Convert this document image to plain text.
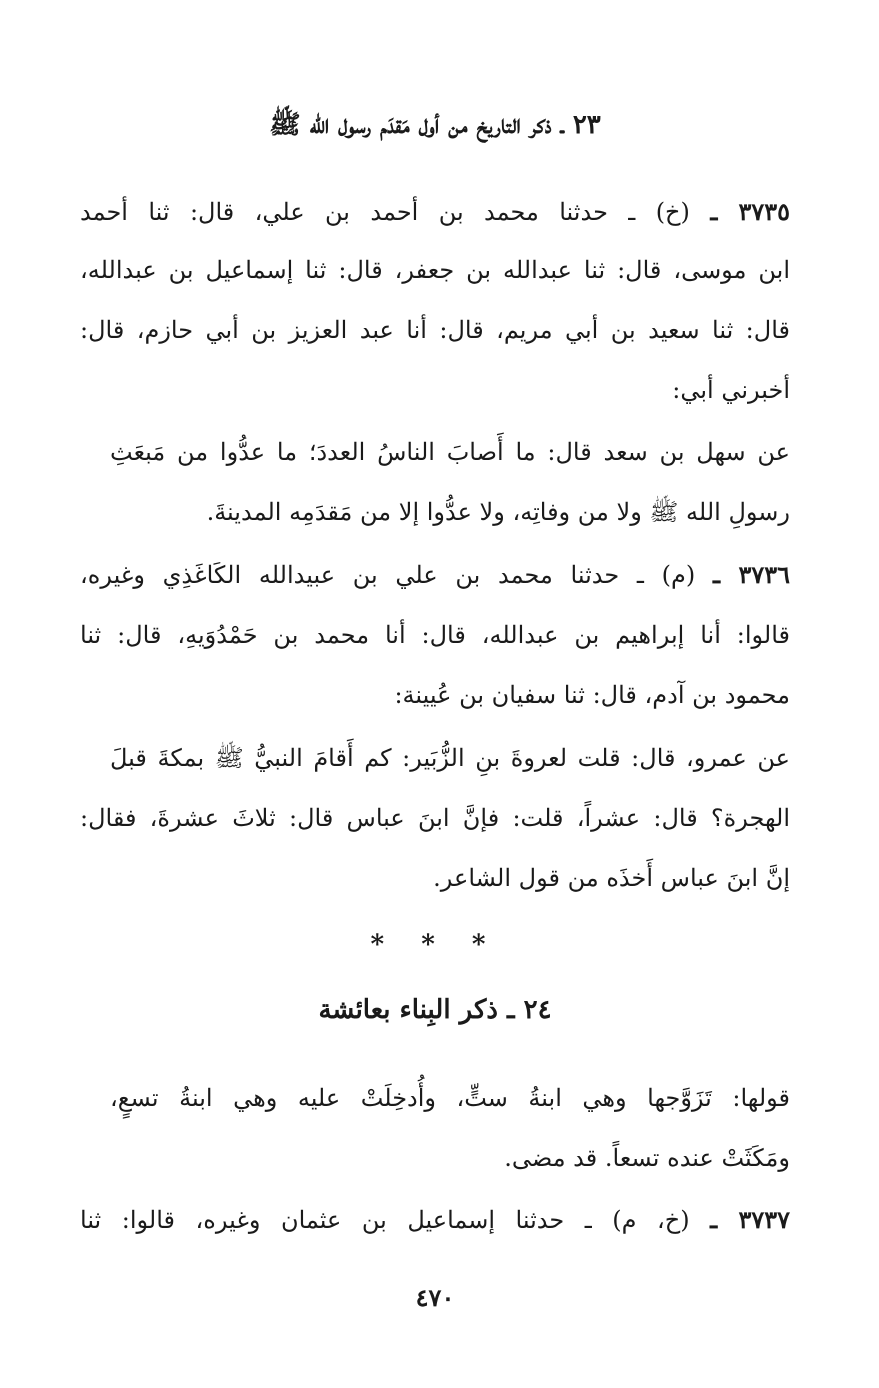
٢٣ ـ ذكر التاريخ من أول مَقدَم رسول الله ﷺ
٣٧٣٥ ـ (خ) ـ حدثنا محمد بن أحمد بن علي، قال: ثنا أحمد
ابن موسى، قال: ثنا عبدالله بن جعفر، قال: ثنا إسماعيل بن عبدالله،
قال: ثنا سعيد بن أبي مريم، قال: أنا عبد العزيز بن أبي حازم، قال:
أخبرني أبي:
عن سهل بن سعد قال: ما أَصابَ الناسُ العددَ؛ ما عدُّوا من مَبعَثِ
رسولِ الله ﷺ ولا من وفاتِه، ولا عدُّوا إلا من مَقدَمِه المدينةَ.
٣٧٣٦ ـ (م) ـ حدثنا محمد بن علي بن عبيدالله الكَاغَذِي وغيره،
قالوا: أنا إبراهيم بن عبدالله، قال: أنا محمد بن حَمْدُوَيهِ، قال: ثنا
محمود بن آدم، قال: ثنا سفيان بن عُيينة:
عن عمرو، قال: قلت لعروةَ بنِ الزُّبَير: كم أَقامَ النبيُّ ﷺ بمكةَ قبلَ
الهجرة؟ قال: عشراً، قلت: فإنَّ ابنَ عباس قال: ثلاثَ عشرةَ، فقال:
إنَّ ابنَ عباس أَخذَه من قول الشاعر.
* * *
٢٤ ـ ذكر البِناء بعائشة
قولها: تَزَوَّجها وهي ابنةُ ستٍّ، وأُدخِلَتْ عليه وهي ابنةُ تسعٍ،
ومَكَثَتْ عنده تسعاً. قد مضى.
٣٧٣٧ ـ (خ، م) ـ حدثنا إسماعيل بن عثمان وغيره، قالوا: ثنا
٤٧٠
